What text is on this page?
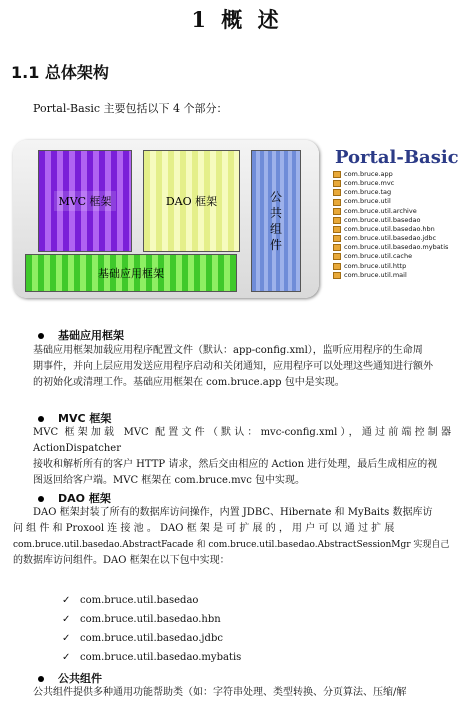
1 概 述
1.1 总体架构
Portal-Basic 主要包括以下 4 个部分：
MVC 框架	DAO 框架	公
共
组
件
基础应用框架
Portal-Basic
com.bruce.app
com.bruce.mvc
com.bruce.tag
com.bruce.util
com.bruce.util.archive
com.bruce.util.basedao
com.bruce.util.basedao.hbn
com.bruce.util.basedao.jdbc
com.bruce.util.basedao.mybatis
com.bruce.util.cache
com.bruce.util.http
com.bruce.util.mail
基础应用框架
基础应用框架加载应用程序配置文件（默认：app-config.xml），监听应用程序的生命周
期事件，并向上层应用发送应用程序启动和关闭通知，应用程序可以处理这些通知进行额外
的初始化或清理工作。基础应用框架在 com.bruce.app 包中是实现。
MVC 框架
MVC 框架加载 MVC 配置文件（默认：mvc-config.xml），通过前端控制器 ActionDispatcher
接收和解析所有的客户 HTTP 请求，然后交由相应的 Action 进行处理，最后生成相应的视
图返回给客户端。MVC 框架在 com.bruce.mvc 包中实现。
DAO 框架
DAO 框架封装了所有的数据库访问操作，内置 JDBC、Hibernate 和 MyBaits 数据库访
问 组 件 和 Proxool 连 接 池 。 DAO 框 架 是 可 扩 展 的 ， 用 户 可 以 通 过 扩 展
com.bruce.util.basedao.AbstractFacade 和 com.bruce.util.basedao.AbstractSessionMgr 实现自己
的数据库访问组件。DAO 框架在以下包中实现：
✓ com.bruce.util.basedao
✓ com.bruce.util.basedao.hbn
✓ com.bruce.util.basedao.jdbc
✓ com.bruce.util.basedao.mybatis
公共组件
公共组件提供多种通用功能帮助类（如：字符串处理、类型转换、分页算法、压缩/解
